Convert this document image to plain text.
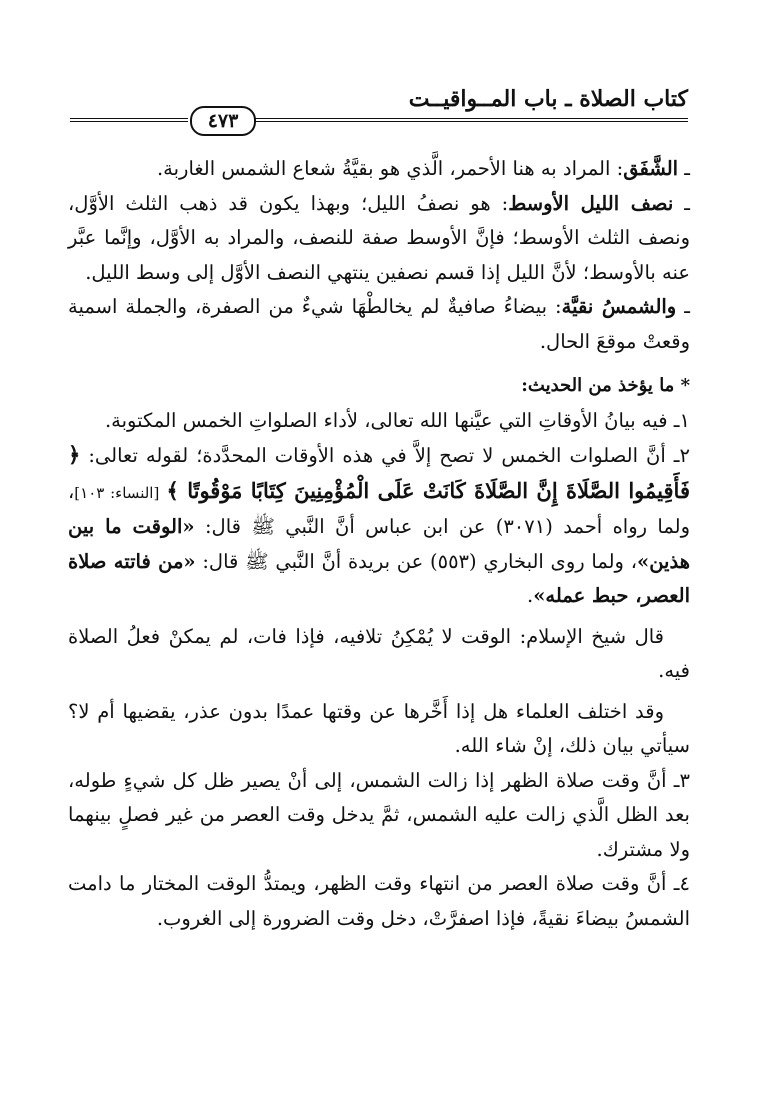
كتاب الصلاة ـ باب المــواقيــت
٤٧٣

ـ الشَّفَق: المراد به هنا الأحمر، الَّذي هو بقيَّةُ شعاع الشمس الغاربة.

ـ نصف الليل الأوسط: هو نصفُ الليل؛ وبهذا يكون قد ذهب الثلث الأوَّل، ونصف الثلث الأوسط؛ فإنَّ الأوسط صفة للنصف، والمراد به الأوَّل، وإنَّما عبَّر عنه بالأوسط؛ لأنَّ الليل إذا قسم نصفين ينتهي النصف الأوَّل إلى وسط الليل.

ـ والشمسُ نقيَّة: بيضاءُ صافيةٌ لم يخالطْهَا شيءٌ من الصفرة، والجملة اسمية وقعتْ موقعَ الحال.

* ما يؤخذ من الحديث:

١ـ فيه بيانُ الأوقاتِ التي عيَّنها الله تعالى، لأداء الصلواتِ الخمس المكتوبة.

٢ـ أنَّ الصلوات الخمس لا تصح إلاَّ في هذه الأوقات المحدَّدة؛ لقوله تعالى: ﴿ فَأَقِيمُوا الصَّلَاةَ إِنَّ الصَّلَاةَ كَانَتْ عَلَى الْمُؤْمِنِينَ كِتَابًا مَوْقُوتًا ﴾ [النساء: ١٠٣]، ولما رواه أحمد (٣٠٧١) عن ابن عباس أنَّ النَّبي ﷺ قال: «الوقت ما بين هذين»، ولما روى البخاري (٥٥٣) عن بريدة أنَّ النَّبي ﷺ قال: «من فاتته صلاة العصر، حبط عمله».

قال شيخ الإسلام: الوقت لا يُمْكِنُ تلافيه، فإذا فات، لم يمكنْ فعلُ الصلاة فيه.

وقد اختلف العلماء هل إذا أَخَّرها عن وقتها عمدًا بدون عذر، يقضيها أم لا؟ سيأتي بيان ذلك، إنْ شاء الله.

٣ـ أنَّ وقت صلاة الظهر إذا زالت الشمس، إلى أنْ يصير ظل كل شيءٍ طوله، بعد الظل الَّذي زالت عليه الشمس، ثمَّ يدخل وقت العصر من غير فصلٍ بينهما ولا مشترك.

٤ـ أنَّ وقت صلاة العصر من انتهاء وقت الظهر، ويمتدُّ الوقت المختار ما دامت الشمسُ بيضاءَ نقيةً، فإذا اصفرَّتْ، دخل وقت الضرورة إلى الغروب.
